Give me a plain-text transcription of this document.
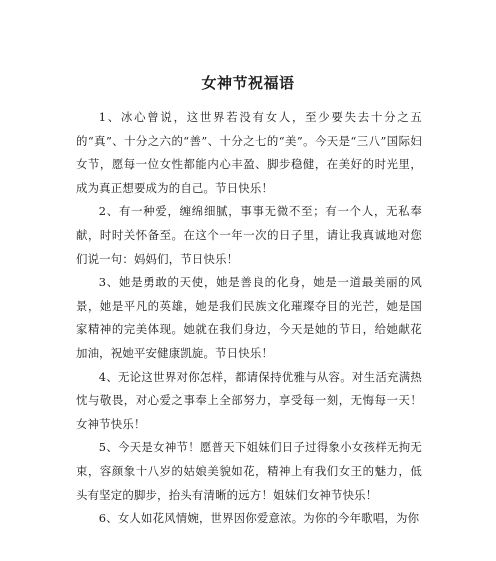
女神节祝福语

1、冰心曾说，这世界若没有女人，至少要失去十分之五的“真”、十分之六的“善”、十分之七的“美”。今天是“三八”国际妇女节，愿每一位女性都能内心丰盈、脚步稳健，在美好的时光里，成为真正想要成为的自己。节日快乐！

2、有一种爱，缠绵细腻，事事无微不至；有一个人，无私奉献，时时关怀备至。在这个一年一次的日子里，请让我真诚地对您们说一句：妈妈们，节日快乐！

3、她是勇敢的天使，她是善良的化身，她是一道最美丽的风景，她是平凡的英雄，她是我们民族文化璀璨夺目的光芒，她是国家精神的完美体现。她就在我们身边，今天是她的节日，给她献花加油，祝她平安健康凯旋。节日快乐！

4、无论这世界对你怎样，都请保持优雅与从容。对生活充满热忱与敬畏，对心爱之事奉上全部努力，享受每一刻，无悔每一天！女神节快乐！

5、今天是女神节！愿普天下姐妹们日子过得象小女孩样无拘无束，容颜象十八岁的姑娘美貌如花，精神上有我们女王的魅力，低头有坚定的脚步，抬头有清晰的远方！姐妹们女神节快乐！

6、女人如花风情婉，世界因你爱意浓。为你的今年歌唱，为你
